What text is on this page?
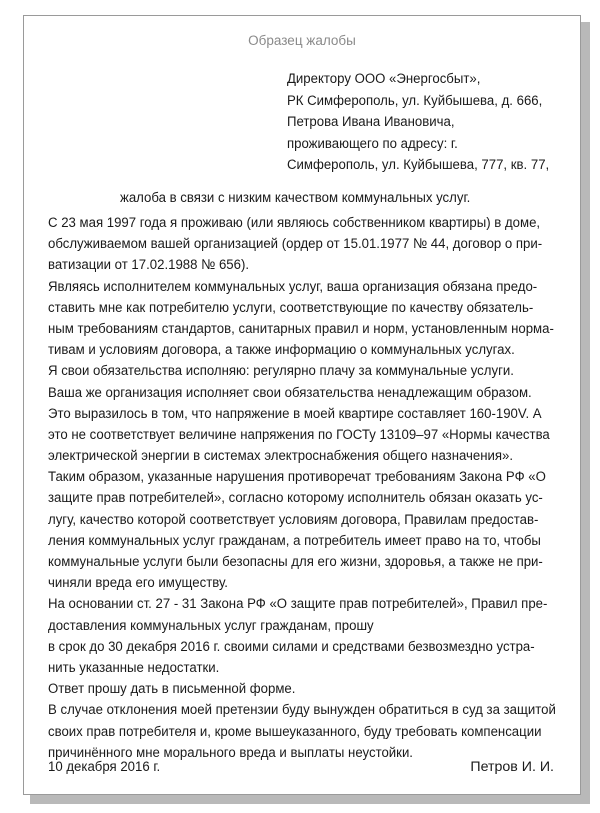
Образец жалобы
Директору ООО «Энергосбыт»,
РК Симферополь, ул. Куйбышева, д. 666,
Петрова Ивана Ивановича,
проживающего по адресу: г.
Симферополь, ул. Куйбышева, 777, кв. 77,
жалоба в связи с низким качеством коммунальных услуг.
С 23 мая 1997 года я проживаю (или являюсь собственником квартиры) в доме,
обслуживаемом вашей организацией (ордер от 15.01.1977 № 44, договор о при-
ватизации от 17.02.1988 № 656).
Являясь исполнителем коммунальных услуг, ваша организация обязана предо-
ставить мне как потребителю услуги, соответствующие по качеству обязатель-
ным требованиям стандартов, санитарных правил и норм, установленным норма-
тивам и условиям договора, а также информацию о коммунальных услугах.
Я свои обязательства исполняю: регулярно плачу за коммунальные услуги.
Ваша же организация исполняет свои обязательства ненадлежащим образом.
Это выразилось в том, что напряжение в моей квартире составляет 160-190V. А
это не соответствует величине напряжения по ГОСТу 13109–97 «Нормы качества
электрической энергии в системах электроснабжения общего назначения».
Таким образом, указанные нарушения противоречат требованиям Закона РФ «О
защите прав потребителей», согласно которому исполнитель обязан оказать ус-
лугу, качество которой соответствует условиям договора, Правилам предостав-
ления коммунальных услуг гражданам, а потребитель имеет право на то, чтобы
коммунальные услуги были безопасны для его жизни, здоровья, а также не при-
чиняли вреда его имуществу.
На основании ст. 27 - 31 Закона РФ «О защите прав потребителей», Правил пре-
доставления коммунальных услуг гражданам, прошу
в срок до 30 декабря 2016 г. своими силами и средствами безвозмездно устра-
нить указанные недостатки.
Ответ прошу дать в письменной форме.
В случае отклонения моей претензии буду вынужден обратиться в суд за защитой
своих прав потребителя и, кроме вышеуказанного, буду требовать компенсации
причинённого мне морального вреда и выплаты неустойки.
10 декабря 2016 г.	Петров И. И.
